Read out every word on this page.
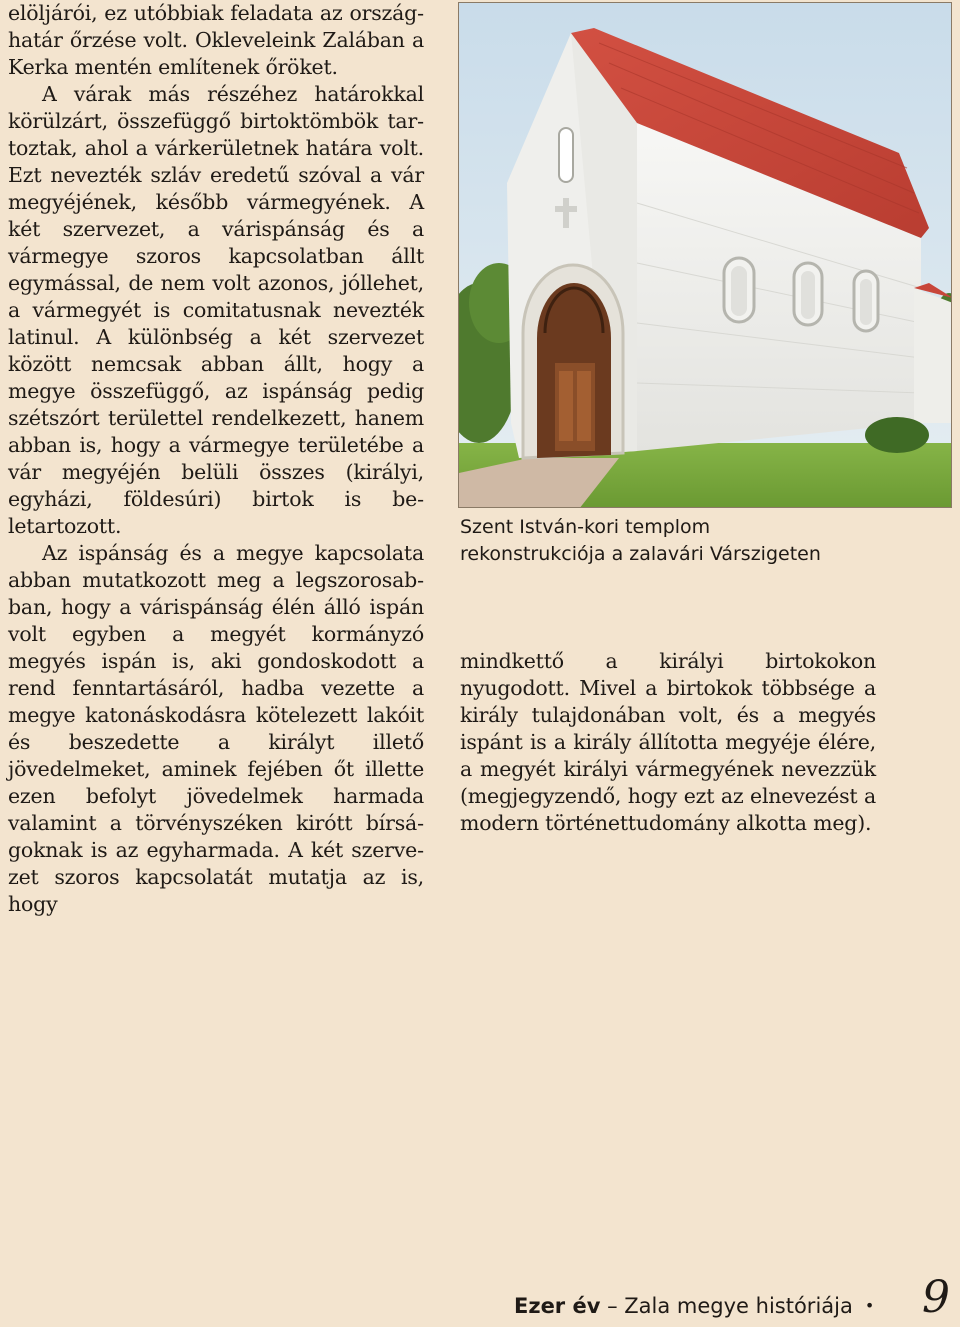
elöljárói, ez utóbbiak feladata az országhatár őrzése volt. Okleveleink Zalában a Kerka mentén említenek őröket.

A várak más részéhez határokkal körülzárt, összefüggő birtoktömbök tartoztak, ahol a várkerületnek határa volt. Ezt nevezték szláv eredetű szóval a vár megyéjének, később vármegyének. A két szervezet, a várispánság és a vármegye szoros kapcsolatban állt egymással, de nem volt azonos, jóllehet, a vármegyét is comitatusnak nevezték latinul. A különbség a két szervezet között nemcsak abban állt, hogy a megye összefüggő, az ispánság pedig szétszórt területtel rendelkezett, hanem abban is, hogy a vármegye területébe a vár megyéjén belüli összes (királyi, egyházi, földesúri) birtok is beletartozott.

Az ispánság és a megye kapcsolata abban mutatkozott meg a legszorosabban, hogy a várispánság élén álló ispán volt egyben a megyét kormányzó megyés ispán is, aki gondoskodott a rend fenntartásáról, hadba vezette a megye katonáskodásra kötelezett lakóit és beszedette a királyt illető jövedelmeket, aminek fejében őt illette ezen befolyt jövedelmek harmada valamint a törvényszéken kirótt bírságoknak is az egyharmada. A két szervezet szoros kapcsolatát mutatja az is, hogy

Szent István-kori templom
rekonstrukciója a zalavári Várszigeten

mindkettő a királyi birtokokon nyugodott. Mivel a birtokok többsége a király tulajdonában volt, és a megyés ispánt is a király állította megyéje élére, a megyét királyi vármegyének nevezzük (megjegyzendő, hogy ezt az elnevezést a modern történettudomány alkotta meg).

Ezer év – Zala megye históriája • 9
